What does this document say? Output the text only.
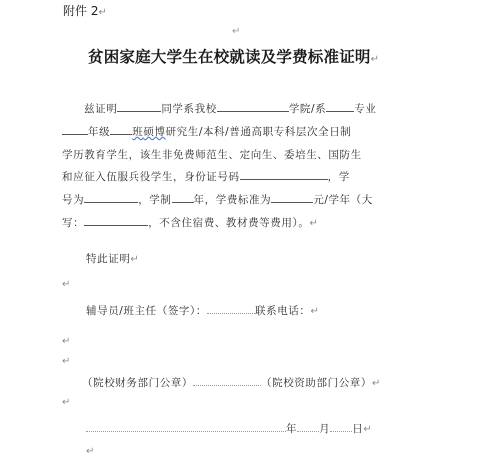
附件 2↵
↵
贫困家庭大学生在校就读及学费标准证明↵
兹证明	同学系我校	学院/系	专业
年级 班硕博研究生/本科/普通高职专科层次全日制
学历教育学生，该生非免费师范生、定向生、委培生、国防生
和应征入伍服兵役学生，身份证号码	，学
号为	，学制 年，学费标准为	元/学年（大
写：	，不含住宿费、教材费等费用）。↵
特此证明↵
↵
辅导员/班主任（签字）：	联系电话：↵
↵
↵
（院校财务部门公章）	（院校资助部门公章）↵
↵
年 月 日↵
↵
